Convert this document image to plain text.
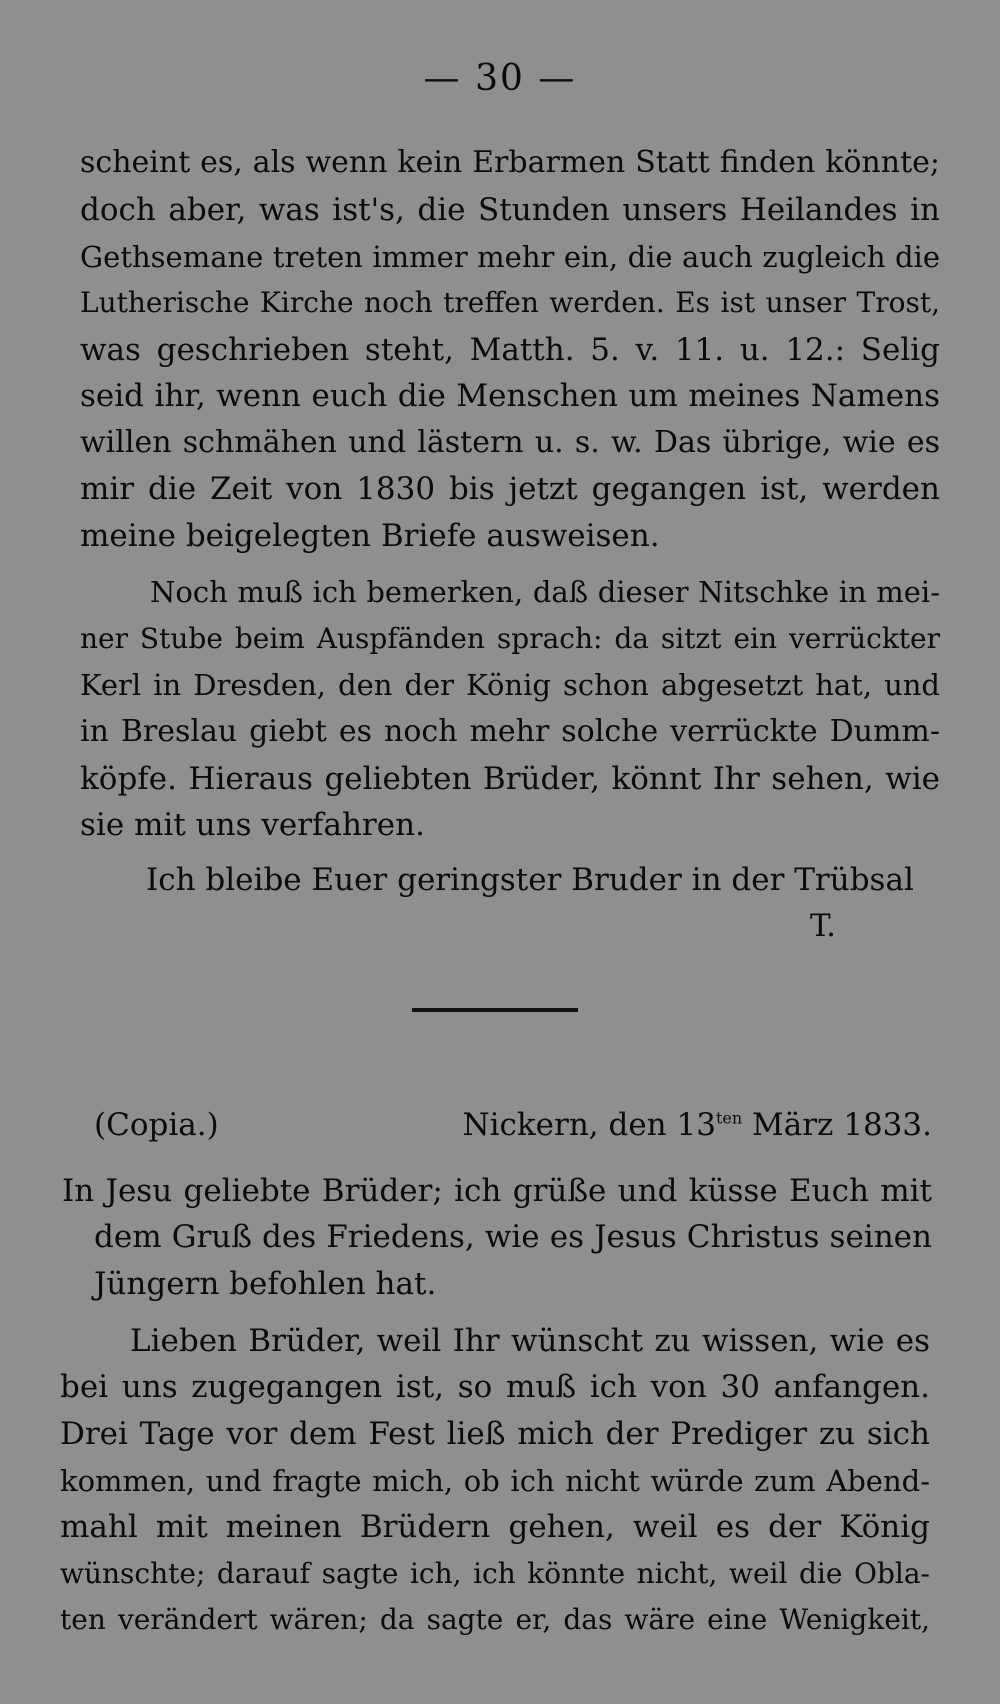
— 30 —
scheint es, als wenn kein Erbarmen Statt finden könnte;
doch aber, was ist's, die Stunden unsers Heilandes in
Gethsemane treten immer mehr ein, die auch zugleich die
Lutherische Kirche noch treffen werden. Es ist unser Trost,
was geschrieben steht, Matth. 5. v. 11. u. 12.: Selig
seid ihr, wenn euch die Menschen um meines Namens
willen schmähen und lästern u. s. w. Das übrige, wie es
mir die Zeit von 1830 bis jetzt gegangen ist, werden
meine beigelegten Briefe ausweisen.
Noch muß ich bemerken, daß dieser Nitschke in mei-
ner Stube beim Auspfänden sprach: da sitzt ein verrückter
Kerl in Dresden, den der König schon abgesetzt hat, und
in Breslau giebt es noch mehr solche verrückte Dumm-
köpfe. Hieraus geliebten Brüder, könnt Ihr sehen, wie
sie mit uns verfahren.
Ich bleibe Euer geringster Bruder in der Trübsal
T.
(Copia.)	Nickern, den $13^{ten}$ März 1833.
In Jesu geliebte Brüder; ich grüße und küsse Euch mit
dem Gruß des Friedens, wie es Jesus Christus seinen
Jüngern befohlen hat.
Lieben Brüder, weil Ihr wünscht zu wissen, wie es
bei uns zugegangen ist, so muß ich von 30 anfangen.
Drei Tage vor dem Fest ließ mich der Prediger zu sich
kommen, und fragte mich, ob ich nicht würde zum Abend-
mahl mit meinen Brüdern gehen, weil es der König
wünschte; darauf sagte ich, ich könnte nicht, weil die Obla-
ten verändert wären; da sagte er, das wäre eine Wenigkeit,
